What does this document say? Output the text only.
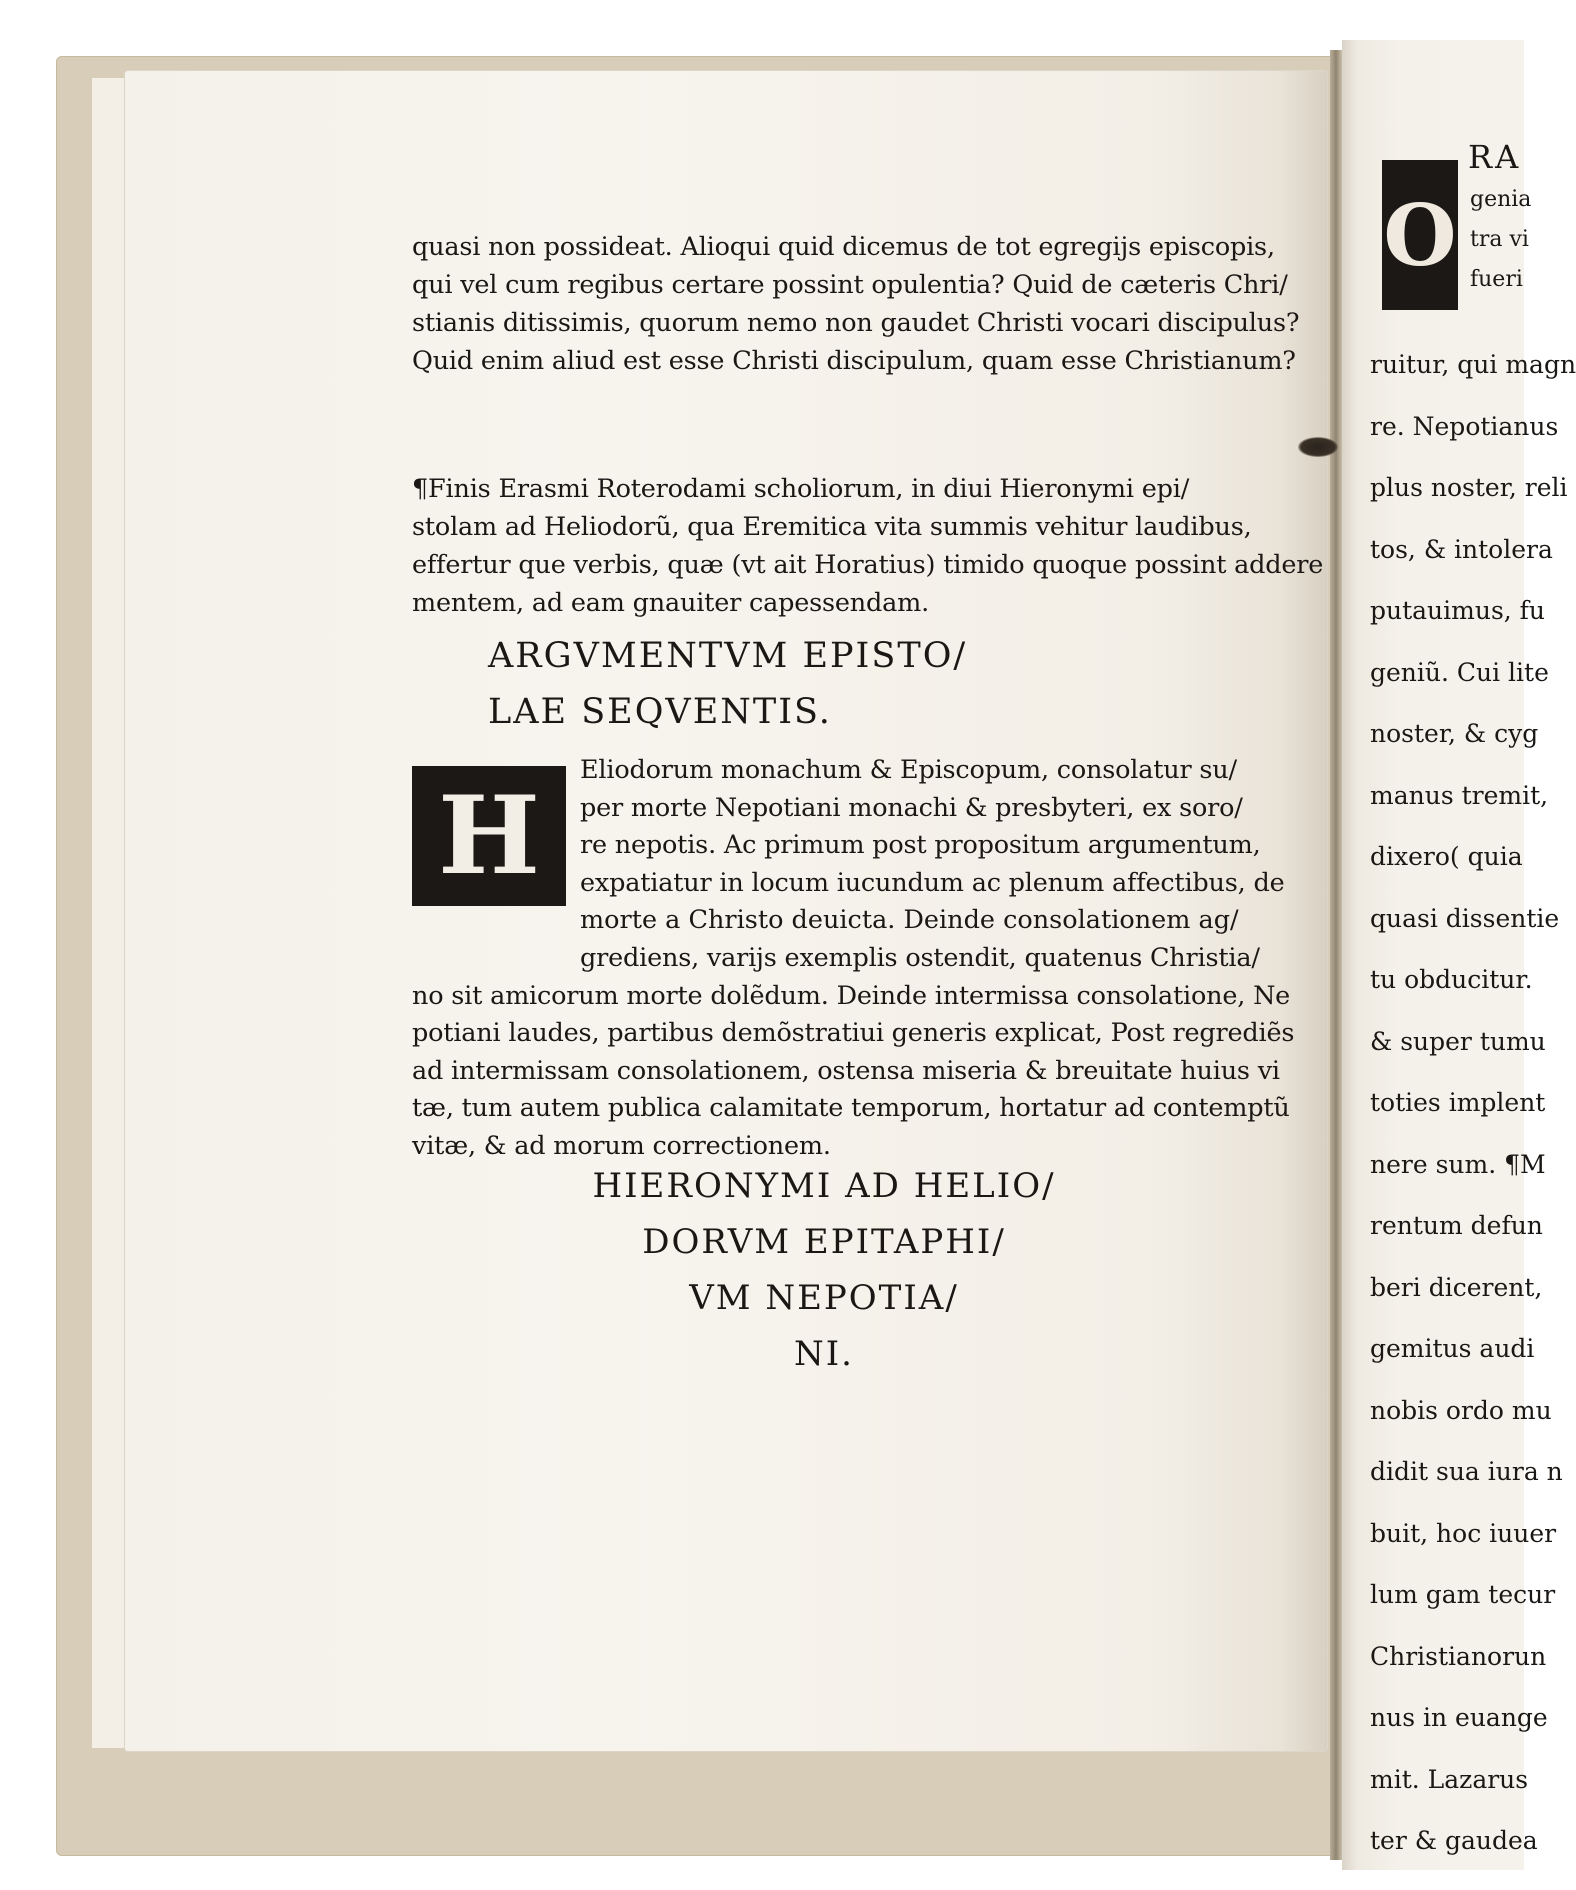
quasi non possideat. Alioqui quid dicemus de tot egregijs episcopis,
qui vel cum regibus certare possint opulentia? Quid de cæteris Chri/
stianis ditissimis, quorum nemo non gaudet Christi vocari discipulus?
Quid enim aliud est esse Christi discipulum, quam esse Christianum?
¶Finis Erasmi Roterodami scholiorum, in diui Hieronymi epi/
stolam ad Heliodorũ, qua Eremitica vita summis vehitur laudibus,
effertur que verbis, quæ (vt ait Horatius) timido quoque possint addere
mentem, ad eam gnauiter capessendam.
ARGVMENTVM EPISTO/
LAE SEQVENTIS.
H
Eliodorum monachum & Episcopum, consolatur su/
per morte Nepotiani monachi & presbyteri, ex soro/
re nepotis. Ac primum post propositum argumentum,
expatiatur in locum iucundum ac plenum affectibus, de
morte a Christo deuicta. Deinde consolationem ag/
grediens, varijs exemplis ostendit, quatenus Christia/
no sit amicorum morte dolẽdum. Deinde intermissa consolatione, Ne
potiani laudes, partibus demõstratiui generis explicat, Post regrediẽs
ad intermissam consolationem, ostensa miseria & breuitate huius vi
tæ, tum autem publica calamitate temporum, hortatur ad contemptũ
vitæ, & ad morum correctionem.
HIERONYMI AD HELIO/
DORVM EPITAPHI/
VM NEPOTIA/
NI.
O
RA
genia
tra vi
fueri
ruitur, qui magn
re. Nepotianus
plus noster, reli
tos, & intolera
putauimus, fu
geniũ. Cui lite
noster, & cyg
manus tremit,
dixero( quia
quasi dissentie
tu obducitur.
& super tumu
toties implent
nere sum. ¶M
rentum defun
beri dicerent,
gemitus audi
nobis ordo mu
didit sua iura n
buit, hoc iuuer
lum gam tecur
Christianorun
nus in euange
mit. Lazarus
ter & gaudea
